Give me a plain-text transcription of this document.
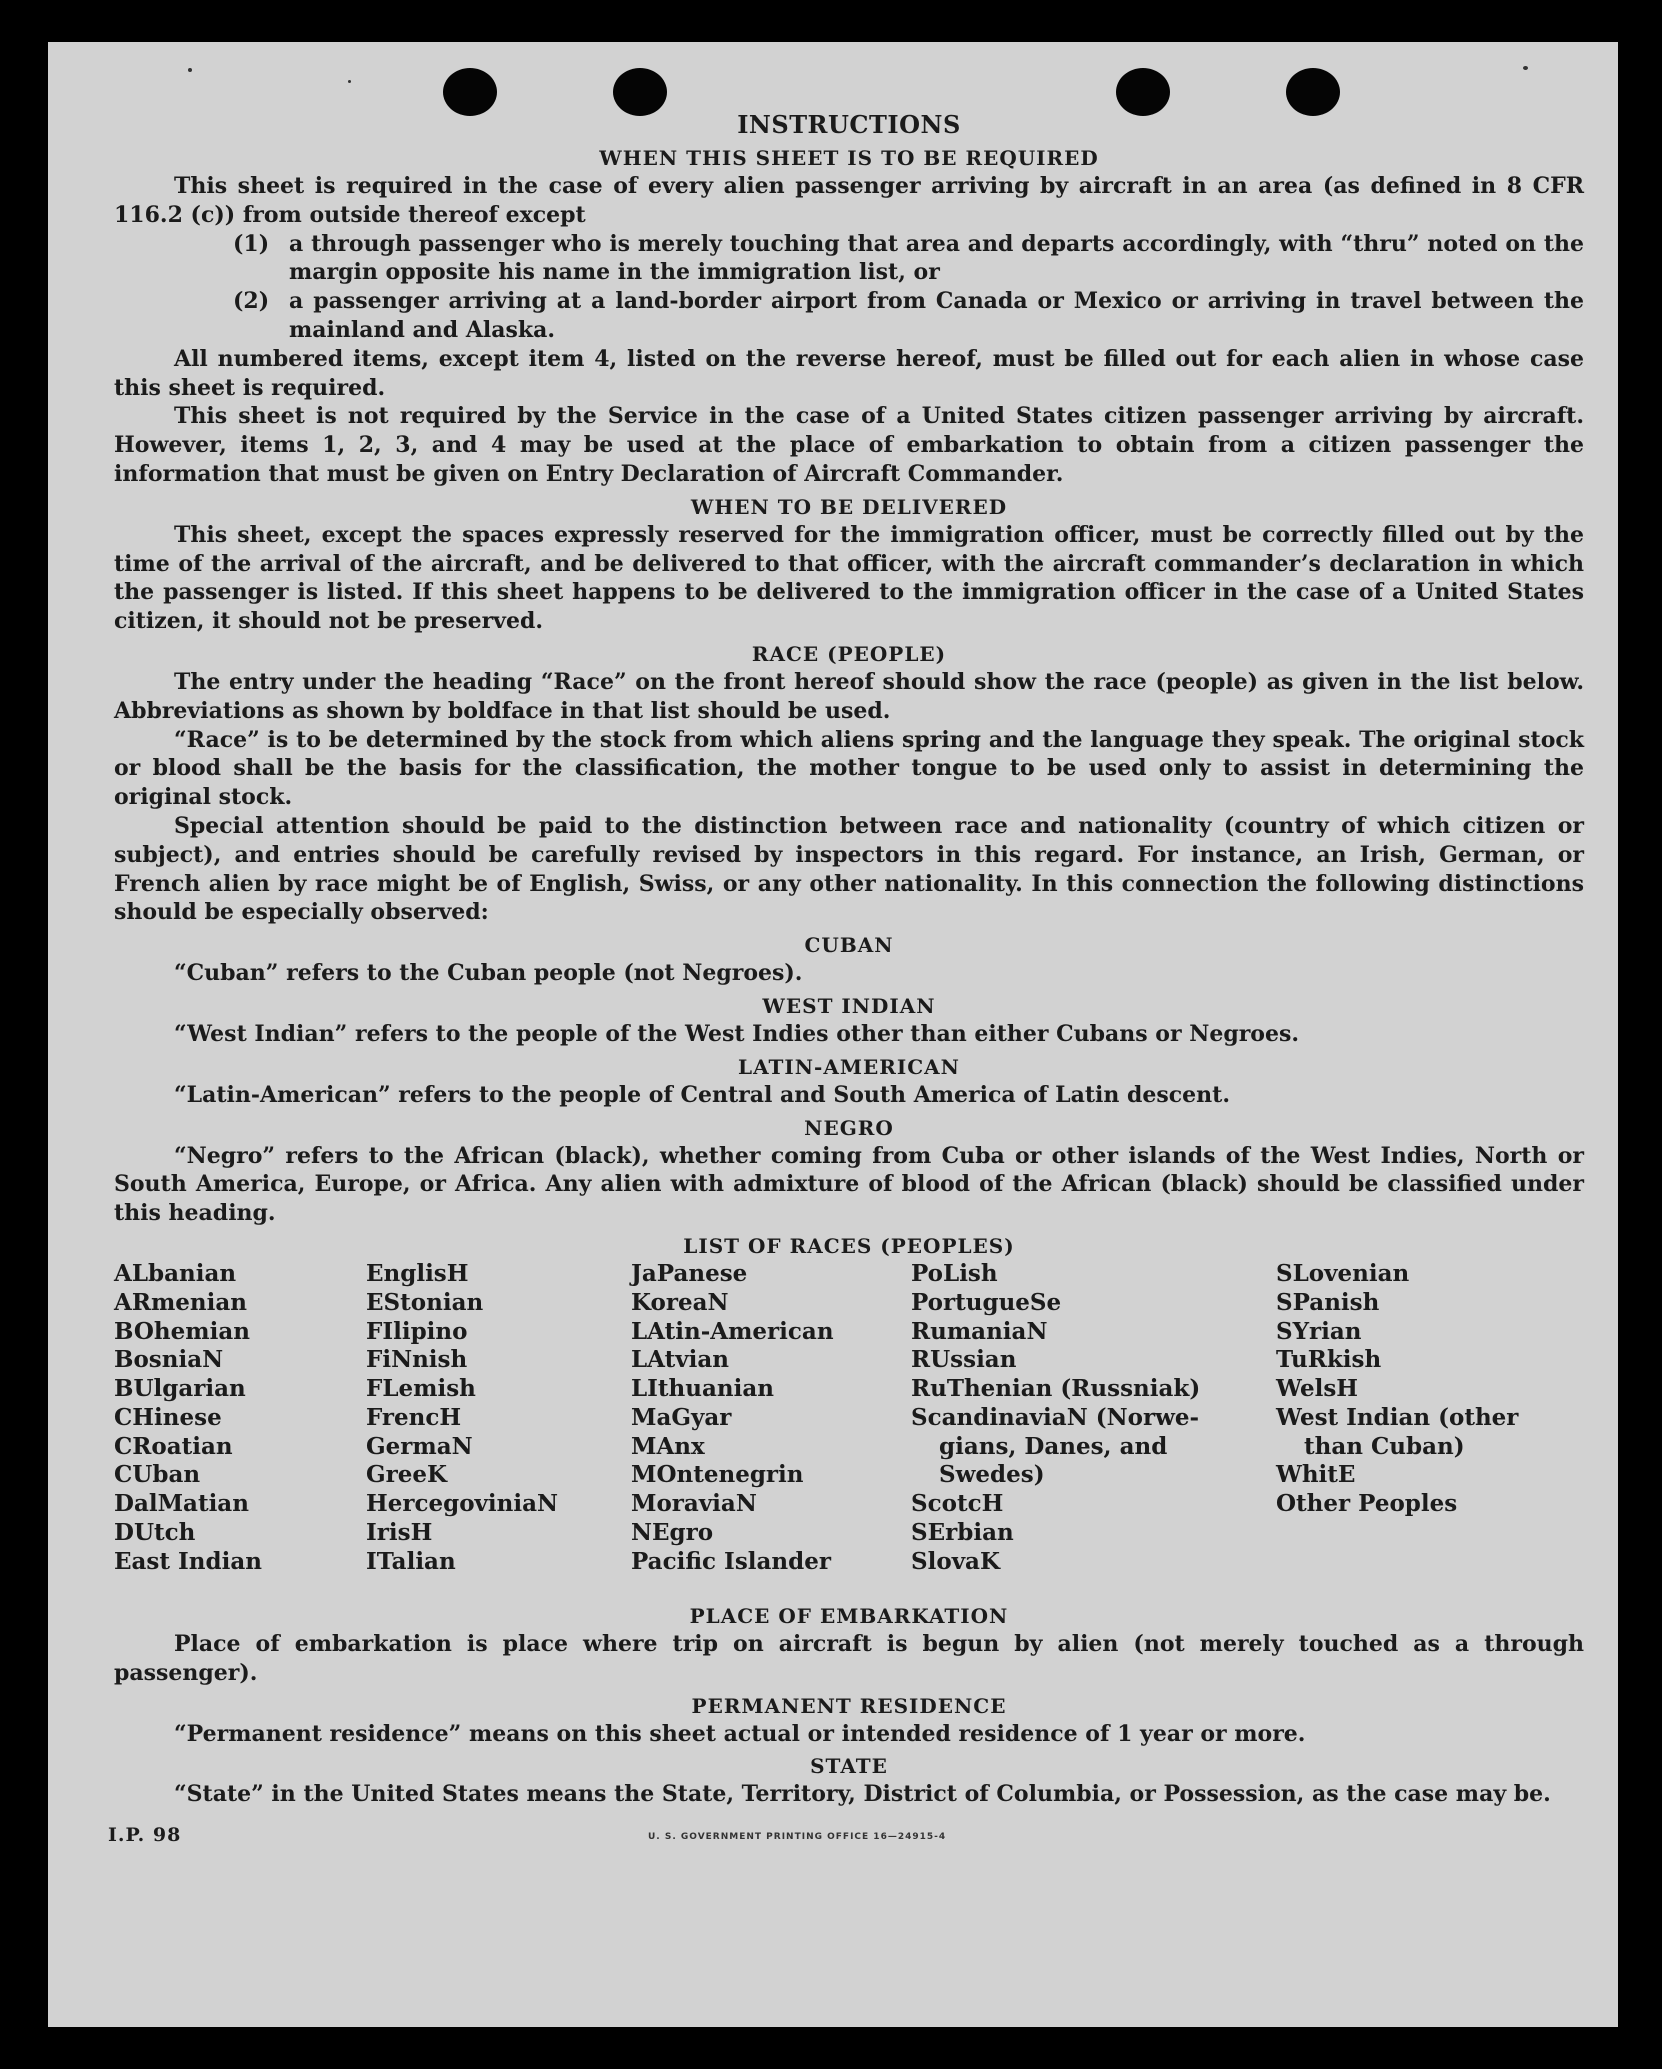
INSTRUCTIONS
WHEN THIS SHEET IS TO BE REQUIRED
This sheet is required in the case of every alien passenger arriving by aircraft in an area (as defined in 8 CFR 116.2 (c)) from outside thereof except
(1) a through passenger who is merely touching that area and departs accordingly, with “thru” noted on the margin opposite his name in the immigration list, or
(2) a passenger arriving at a land-border airport from Canada or Mexico or arriving in travel between the mainland and Alaska.
All numbered items, except item 4, listed on the reverse hereof, must be filled out for each alien in whose case this sheet is required.
This sheet is not required by the Service in the case of a United States citizen passenger arriving by aircraft. However, items 1, 2, 3, and 4 may be used at the place of embarkation to obtain from a citizen passenger the information that must be given on Entry Declaration of Aircraft Commander.
WHEN TO BE DELIVERED
This sheet, except the spaces expressly reserved for the immigration officer, must be correctly filled out by the time of the arrival of the aircraft, and be delivered to that officer, with the aircraft commander’s declaration in which the passenger is listed. If this sheet happens to be delivered to the immigration officer in the case of a United States citizen, it should not be preserved.
RACE (PEOPLE)
The entry under the heading “Race” on the front hereof should show the race (people) as given in the list below. Abbreviations as shown by boldface in that list should be used.
“Race” is to be determined by the stock from which aliens spring and the language they speak. The original stock or blood shall be the basis for the classification, the mother tongue to be used only to assist in determining the original stock.
Special attention should be paid to the distinction between race and nationality (country of which citizen or subject), and entries should be carefully revised by inspectors in this regard. For instance, an Irish, German, or French alien by race might be of English, Swiss, or any other nationality. In this connection the following distinctions should be especially observed:
CUBAN
“Cuban” refers to the Cuban people (not Negroes).
WEST INDIAN
“West Indian” refers to the people of the West Indies other than either Cubans or Negroes.
LATIN-AMERICAN
“Latin-American” refers to the people of Central and South America of Latin descent.
NEGRO
“Negro” refers to the African (black), whether coming from Cuba or other islands of the West Indies, North or South America, Europe, or Africa. Any alien with admixture of blood of the African (black) should be classified under this heading.
LIST OF RACES (PEOPLES)
ALbanian
ARmenian
BOhemian
BosniaN
BUlgarian
CHinese
CRoatian
CUban
DalMatian
DUtch
East Indian
EnglisH
EStonian
FIlipino
FiNnish
FLemish
FrencH
GermaN
GreeK
HercegoviniaN
IrisH
ITalian
JaPanese
KoreaN
LAtin-American
LAtvian
LIthuanian
MaGyar
MAnx
MOntenegrin
MoraviaN
NEgro
Pacific Islander
PoLish
PortugueSe
RumaniaN
RUssian
RuThenian (Russniak)
ScandinaviaN (Norwe-
gians, Danes, and
Swedes)
ScotcH
SErbian
SlovaK
SLovenian
SPanish
SYrian
TuRkish
WelsH
West Indian (other
than Cuban)
WhitE
Other Peoples
PLACE OF EMBARKATION
Place of embarkation is place where trip on aircraft is begun by alien (not merely touched as a through passenger).
PERMANENT RESIDENCE
“Permanent residence” means on this sheet actual or intended residence of 1 year or more.
STATE
“State” in the United States means the State, Territory, District of Columbia, or Possession, as the case may be.
I.P. 98	U. S. GOVERNMENT PRINTING OFFICE 16—24915-4
